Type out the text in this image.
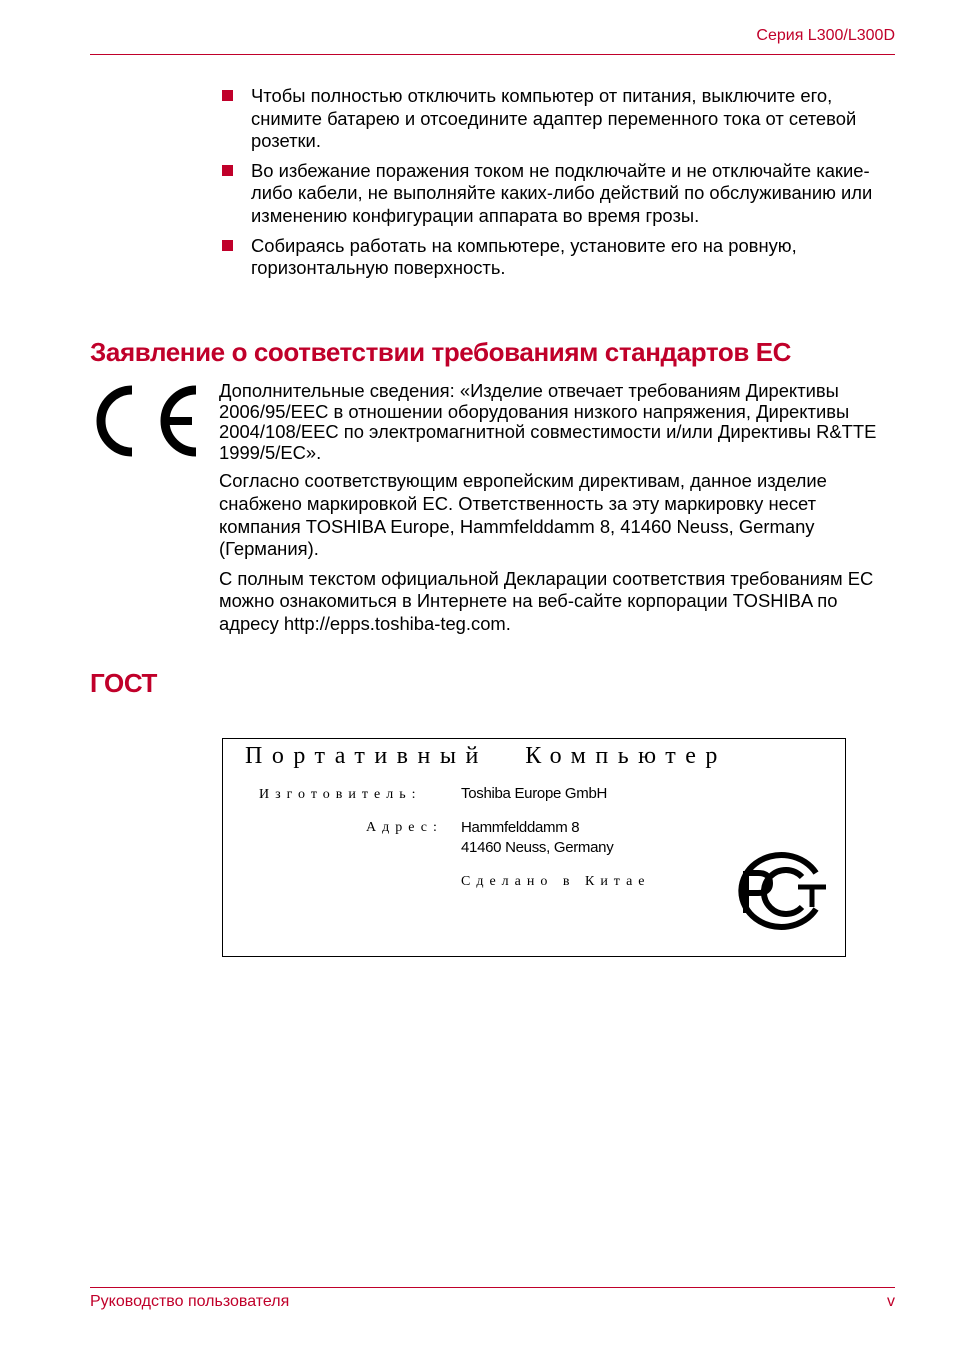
Серия L300/L300D
Чтобы полностью отключить компьютер от питания, выключите его, снимите батарею и отсоедините адаптер переменного тока от сетевой розетки.
Во избежание поражения током не подключайте и не отключайте какие-либо кабели, не выполняйте каких-либо действий по обслуживанию или изменению конфигурации аппарата во время грозы.
Собираясь работать на компьютере, установите его на ровную, горизонтальную поверхность.
Заявление о соответствии требованиям стандартов ЕС

Дополнительные сведения: «Изделие отвечает требованиям Директивы 2006/95/EEC в отношении оборудования низкого напряжения, Директивы 2004/108/EEC по электромагнитной совместимости и/или Директивы R&TTE 1999/5/EC».

Согласно соответствующим европейским директивам, данное изделие снабжено маркировкой ЕС. Ответственность за эту маркировку несет компания TOSHIBA Europe, Hammfelddamm 8, 41460 Neuss, Germany (Германия).

С полным текстом официальной Декларации соответствия требованиям ЕС можно ознакомиться в Интернете на веб-сайте корпорации TOSHIBA по адресу http://epps.toshiba-teg.com.

ГОСТ
Портативный Компьютер
Изготовитель:	Toshiba Europe GmbH
Адрес: Hammfelddamm 8
41460 Neuss, Germany
Сделано в Китае
Руководство пользователя	v
